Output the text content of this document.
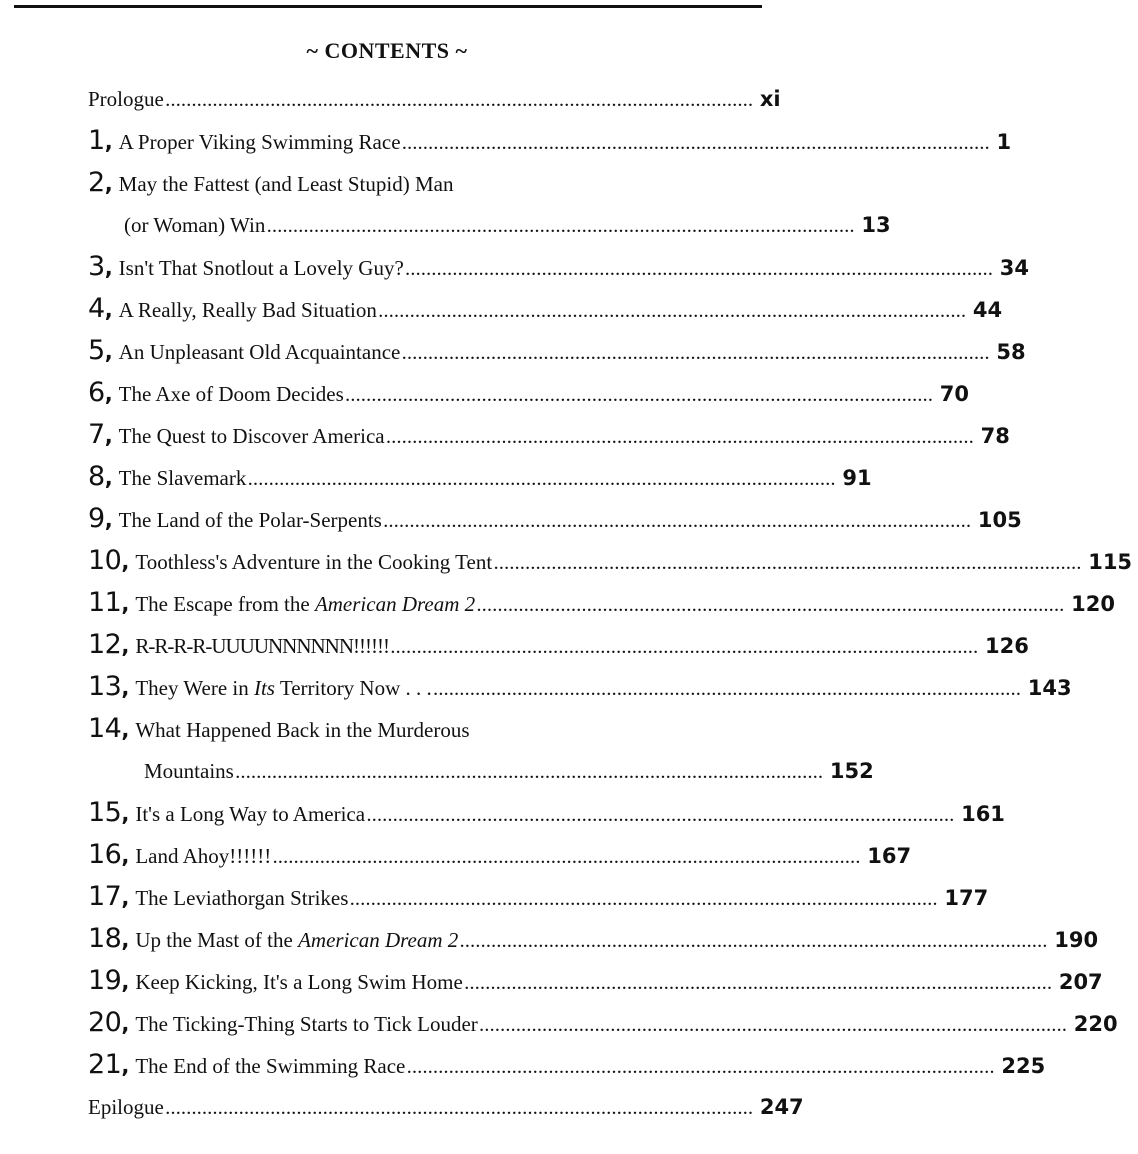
~ CONTENTS ~
Prologue ................................................................................................................ xi
1 , A Proper Viking Swimming Race ................................................................................................................ 1
2 , May the Fattest (and Least Stupid) Man
(or Woman) Win ................................................................................................................ 13
3 , Isn't That Snotlout a Lovely Guy? ................................................................................................................ 34
4 , A Really, Really Bad Situation ................................................................................................................ 44
5 , An Unpleasant Old Acquaintance ................................................................................................................ 58
6 , The Axe of Doom Decides ................................................................................................................ 70
7 , The Quest to Discover America ................................................................................................................ 78
8 , The Slavemark ................................................................................................................ 91
9 , The Land of the Polar-Serpents ................................................................................................................ 105
10 , Toothless's Adventure in the Cooking Tent ................................................................................................................ 115
11 , The Escape from the American Dream 2 ................................................................................................................ 120
12 , R-R-R-R-UUUUNNNNNN!!!!!! ................................................................................................................ 126
13 , They Were in Its Territory Now . . . ................................................................................................................ 143
14 , What Happened Back in the Murderous
Mountains ................................................................................................................ 152
15 , It's a Long Way to America ................................................................................................................ 161
16 , Land Ahoy!!!!!! ................................................................................................................ 167
17 , The Leviathorgan Strikes ................................................................................................................ 177
18 , Up the Mast of the American Dream 2 ................................................................................................................ 190
19 , Keep Kicking, It's a Long Swim Home ................................................................................................................ 207
20 , The Ticking-Thing Starts to Tick Louder ................................................................................................................ 220
21 , The End of the Swimming Race ................................................................................................................ 225
Epilogue ................................................................................................................ 247
